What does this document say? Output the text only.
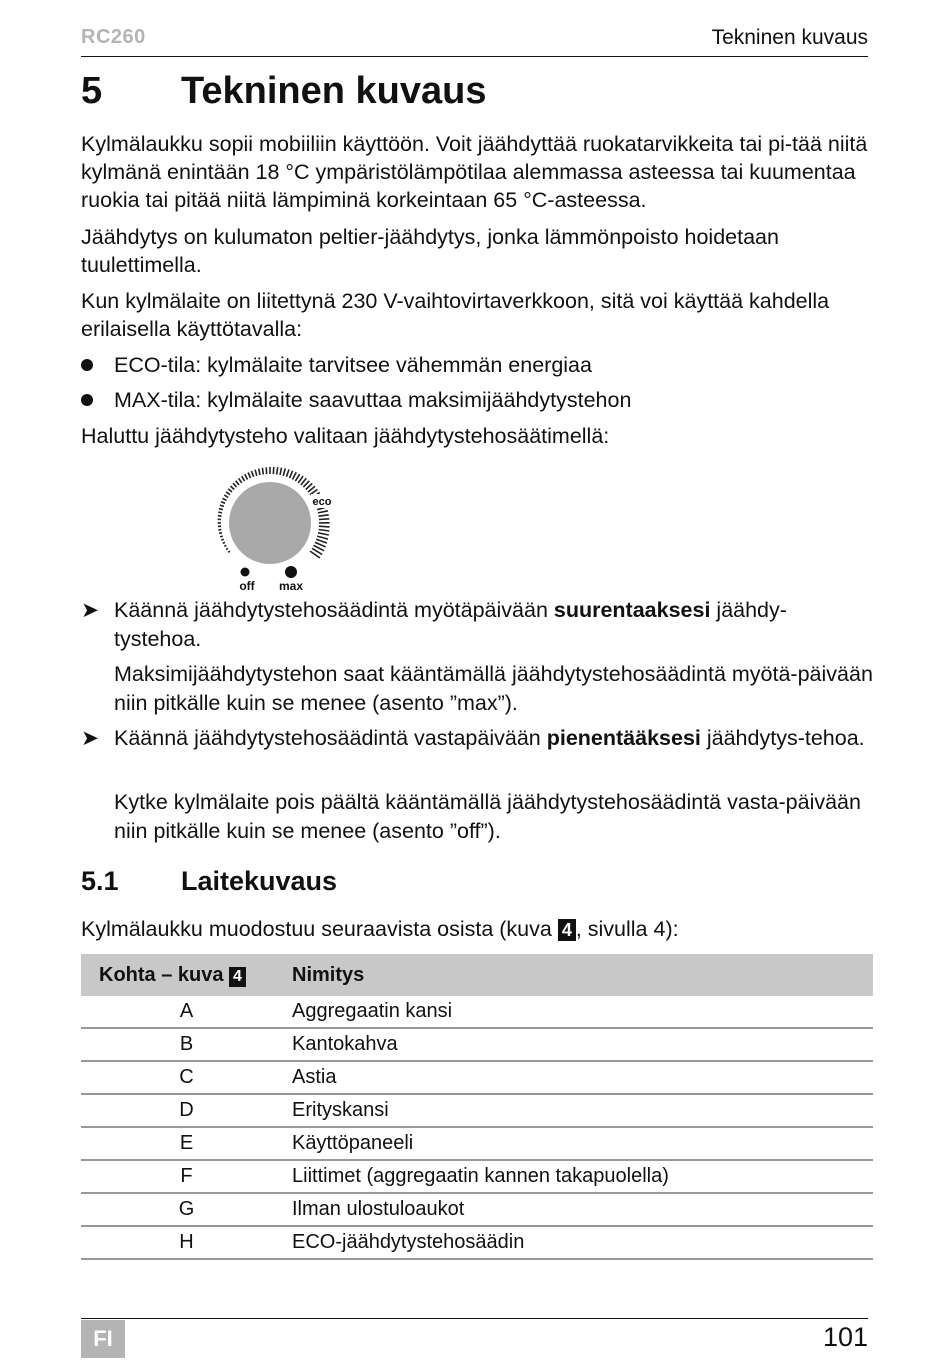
RC260	Tekninen kuvaus
5 Tekninen kuvaus

Kylmälaukku sopii mobiiliin käyttöön. Voit jäähdyttää ruokatarvikkeita tai pi-tää niitä kylmänä enintään 18 °C ympäristölämpötilaa alemmassa asteessa tai kuumentaa ruokia tai pitää niitä lämpiminä korkeintaan 65 °C-asteessa.

Jäähdytys on kulumaton peltier-jäähdytys, jonka lämmönpoisto hoidetaan tuulettimella.

Kun kylmälaite on liitettynä 230 V-vaihtovirtaverkkoon, sitä voi käyttää kahdella erilaisella käyttötavalla:

ECO-tila: kylmälaite tarvitsee vähemmän energiaa
MAX-tila: kylmälaite saavuttaa maksimijäähdytystehon

Haluttu jäähdytysteho valitaan jäähdytystehosäätimellä:

eco
off max
➤ Käännä jäähdytystehosäädintä myötäpäivään suurentaaksesi jäähdy-tystehoa.
Maksimijäähdytystehon saat kääntämällä jäähdytystehosäädintä myötä-päivään niin pitkälle kuin se menee (asento ”max”).
➤ Käännä jäähdytystehosäädintä vastapäivään pienentääksesi jäähdytys-tehoa.
Kytke kylmälaite pois päältä kääntämällä jäähdytystehosäädintä vasta-päivään niin pitkälle kuin se menee (asento ”off”).
5.1 Laitekuvaus
Kylmälaukku muodostuu seuraavista osista (kuva 4 , sivulla 4):
Kohta – kuva 4	Nimitys
A	Aggregaatin kansi
B	Kantokahva
C	Astia
D	Erityskansi
E	Käyttöpaneeli
F	Liittimet (aggregaatin kannen takapuolella)
G	Ilman ulostuloaukot
H	ECO-jäähdytystehosäädin
FI	101
